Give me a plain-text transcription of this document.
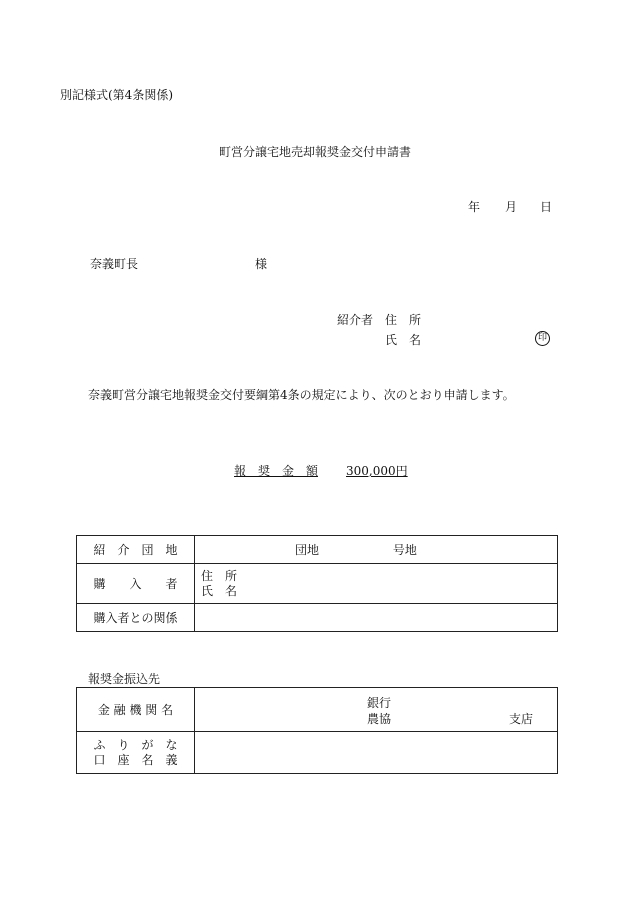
別記様式(第4条関係)
町営分譲宅地売却報奨金交付申請書
年 月 日
奈義町長	様
紹介者 住　所
氏　名	印
奈義町営分譲宅地報奨金交付要綱第4条の規定により、次のとおり申請します。
報　奨　金　額 300,000円
紹　介　団　地	団地 号地
購　　入　　者	住　所
氏　名

購入者との関係	
報奨金振込先
金 融 機 関 名	銀行
農協 支店

ふ　り　が　な
口　座　名　義	
